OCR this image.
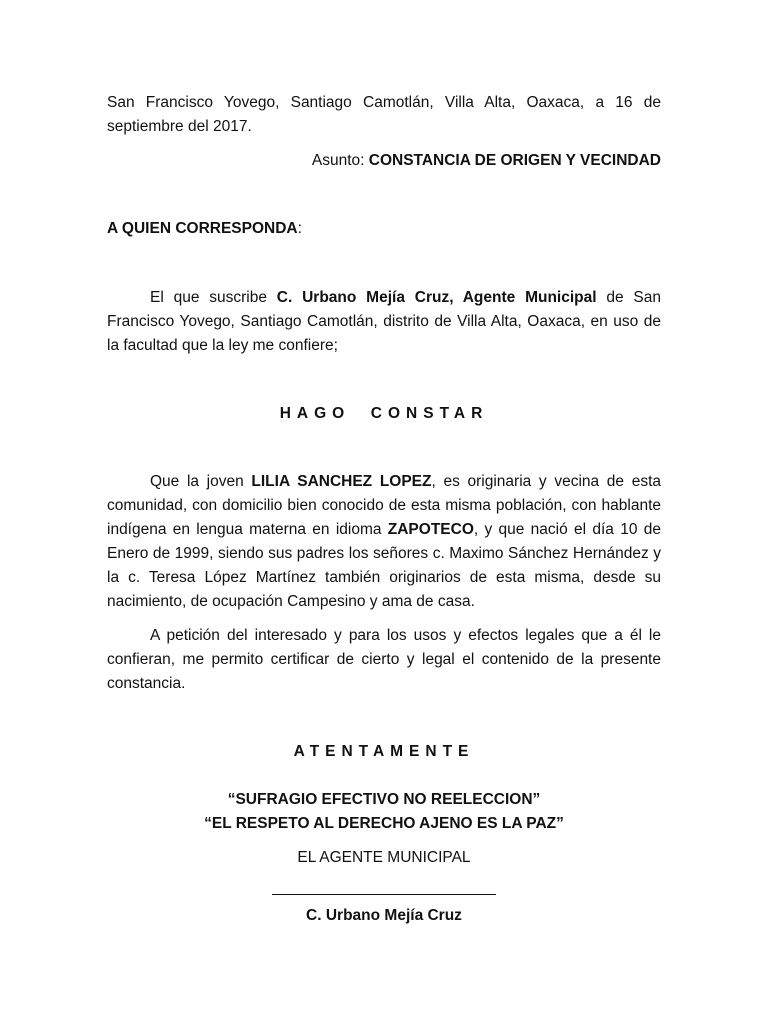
San Francisco Yovego, Santiago Camotlán, Villa Alta, Oaxaca, a 16 de septiembre del 2017.
Asunto: CONSTANCIA DE ORIGEN Y VECINDAD
A QUIEN CORRESPONDA:
El que suscribe C. Urbano Mejía Cruz, Agente Municipal de San Francisco Yovego, Santiago Camotlán, distrito de Villa Alta, Oaxaca, en uso de la facultad que la ley me confiere;
HAGO  CONSTAR
Que la joven LILIA SANCHEZ LOPEZ, es originaria y vecina de esta comunidad, con domicilio bien conocido de esta misma población, con hablante indígena en lengua materna en idioma ZAPOTECO, y que nació el día 10 de Enero de 1999, siendo sus padres los señores c. Maximo Sánchez Hernández y la c. Teresa López Martínez también originarios de esta misma, desde su nacimiento, de ocupación Campesino y ama de casa.
A petición del interesado y para los usos y efectos legales que a él le confieran, me permito certificar de cierto y legal el contenido de la presente constancia.
ATENTAMENTE
“SUFRAGIO EFECTIVO NO REELECCION”
“EL RESPETO AL DERECHO AJENO ES LA PAZ”
EL AGENTE MUNICIPAL
C. Urbano Mejía Cruz
